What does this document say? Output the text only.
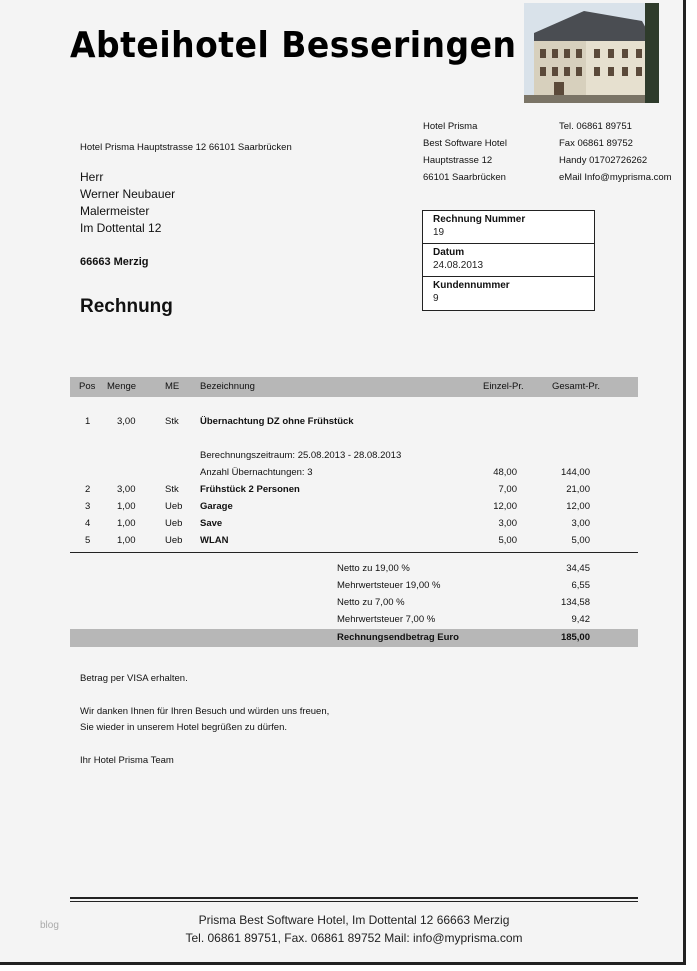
Abteihotel Besseringen
Hotel Prisma Hauptstrasse 12 66101 Saarbrücken
Herr
Werner Neubauer
Malermeister
Im Dottental 12
66663 Merzig
Rechnung
Hotel Prisma
Best Software Hotel
Hauptstrasse 12
66101 Saarbrücken
Tel. 06861 89751
Fax 06861 89752
Handy 01702726262
eMail Info@myprisma.com
Rechnung Nummer
19
Datum
24.08.2013
Kundennummer
9
Pos Menge	ME Bezeichnung	Einzel-Pr.	Gesamt-Pr.
1	3,00	Stk Übernachtung DZ ohne Frühstück
Berechnungszeitraum: 25.08.2013 - 28.08.2013
Anzahl Übernachtungen: 3	48,00	144,00
2	3,00	Stk Frühstück 2 Personen	7,00	21,00
3	1,00	Ueb Garage	12,00	12,00
4	1,00	Ueb Save	3,00	3,00
5	1,00	Ueb WLAN	5,00	5,00
Netto zu 19,00 %	34,45
Mehrwertsteuer 19,00 %	6,55
Netto zu 7,00 %	134,58
Mehrwertsteuer 7,00 %	9,42
Rechnungsendbetrag Euro	185,00
Betrag per VISA erhalten.
Wir danken Ihnen für Ihren Besuch und würden uns freuen,
Sie wieder in unserem Hotel begrüßen zu dürfen.
Ihr Hotel Prisma Team
blog	Prisma Best Software Hotel, Im Dottental 12 66663 Merzig
Tel. 06861 89751, Fax. 06861 89752 Mail: info@myprisma.com
